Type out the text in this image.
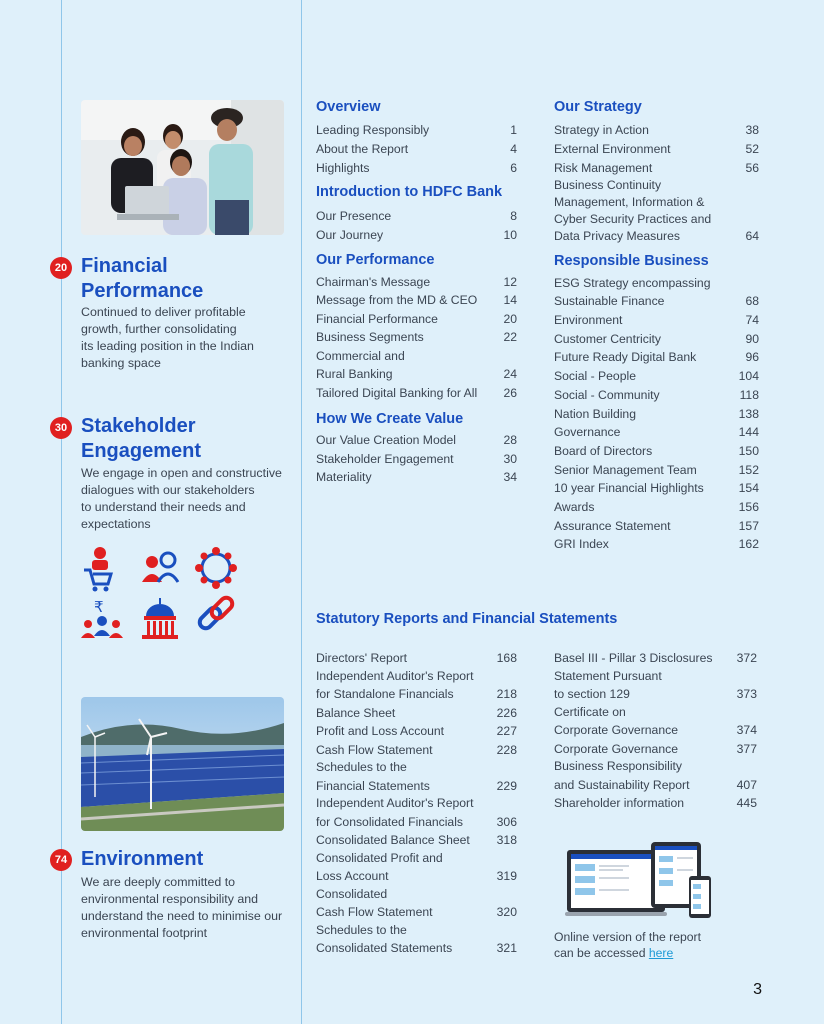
20 Financial
Performance

Continued to deliver profitable
growth, further consolidating
its leading position in the Indian
banking space

30 Stakeholder
Engagement

We engage in open and constructive
dialogues with our stakeholders
to understand their needs and
expectations

₹
74 Environment

We are deeply committed to
environmental responsibility and
understand the need to minimise our
environmental footprint

Overview
Leading Responsibly	1
About the Report	4
Highlights	6
Introduction to HDFC Bank
Our Presence	8
Our Journey	10
Our Performance
Chairman's Message	12
Message from the MD & CEO	14
Financial Performance	20
Business Segments	22
Commercial and
Rural Banking	24
Tailored Digital Banking for All	26
How We Create Value
Our Value Creation Model	28
Stakeholder Engagement	30
Materiality	34
Our Strategy
Strategy in Action	38
External Environment	52
Risk Management	56
Business Continuity
Management, Information &
Cyber Security Practices and
Data Privacy Measures	64
Responsible Business
ESG Strategy encompassing
Sustainable Finance	68
Environment	74
Customer Centricity	90
Future Ready Digital Bank	96
Social - People	104
Social - Community	118
Nation Building	138
Governance	144
Board of Directors	150
Senior Management Team	152
10 year Financial Highlights	154
Awards	156
Assurance Statement	157
GRI Index	162
Statutory Reports and Financial Statements
Directors' Report	168
Independent Auditor's Report
for Standalone Financials	218
Balance Sheet	226
Profit and Loss Account	227
Cash Flow Statement	228
Schedules to the
Financial Statements	229
Independent Auditor's Report
for Consolidated Financials	306
Consolidated Balance Sheet	318
Consolidated Profit and
Loss Account	319
Consolidated
Cash Flow Statement	320
Schedules to the
Consolidated Statements	321
Basel III - Pillar 3 Disclosures	372
Statement Pursuant
to section 129	373
Certificate on
Corporate Governance	374
Corporate Governance	377
Business Responsibility
and Sustainability Report	407
Shareholder information	445
Online version of the report
can be accessed here
3
